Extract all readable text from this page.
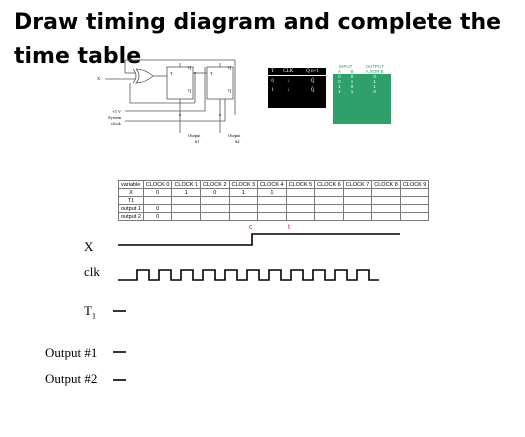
Draw timing diagram and complete the time table
X
T
Q
Q
T
Q
Q
+5 V
System
clock
Output
#1
Output
#2
T	CLK	Q n+1
0	↓	Q̄
1	↓	Q̄
INPUT		OUTPUT
A	B	A XOR B
0	0	0
0	1	1
1	0	1
1	1	0
variable	CLOCK 0	CLOCK 1	CLOCK 2	CLOCK 3	CLOCK 4	CLOCK 5	CLOCK 6	CLOCK 7	CLOCK 8	CLOCK 9
X	0	1	0	1	1					
T1										
output 1	0									
output 2	0									
c	t
X
clk
$T_1$
Output #1
Output #2
